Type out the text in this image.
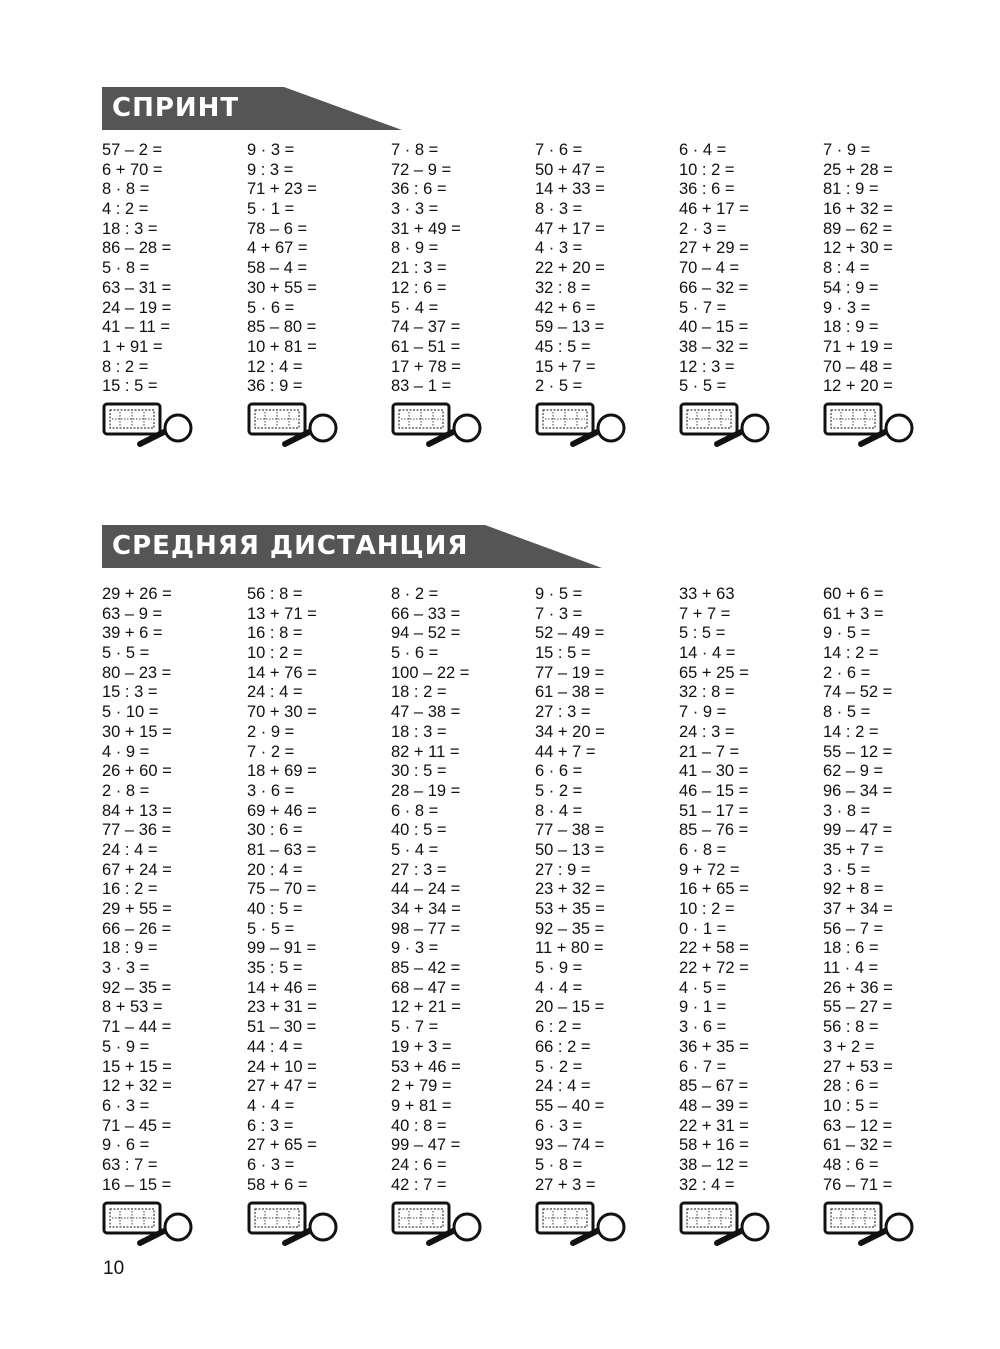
СПРИНТ
57 – 2 =
6 + 70 =
8 · 8 =
4 : 2 =
18 : 3 =
86 – 28 =
5 · 8 =
63 – 31 =
24 – 19 =
41 – 11 =
1 + 91 =
8 : 2 =
15 : 5 =
9 · 3 =
9 : 3 =
71 + 23 =
5 · 1 =
78 – 6 =
4 + 67 =
58 – 4 =
30 + 55 =
5 · 6 =
85 – 80 =
10 + 81 =
12 : 4 =
36 : 9 =
7 · 8 =
72 – 9 =
36 : 6 =
3 · 3 =
31 + 49 =
8 · 9 =
21 : 3 =
12 : 6 =
5 · 4 =
74 – 37 =
61 – 51 =
17 + 78 =
83 – 1 =
7 · 6 =
50 + 47 =
14 + 33 =
8 · 3 =
47 + 17 =
4 · 3 =
22 + 20 =
32 : 8 =
42 + 6 =
59 – 13 =
45 : 5 =
15 + 7 =
2 · 5 =
6 · 4 =
10 : 2 =
36 : 6 =
46 + 17 =
2 · 3 =
27 + 29 =
70 – 4 =
66 – 32 =
5 · 7 =
40 – 15 =
38 – 32 =
12 : 3 =
5 · 5 =
7 · 9 =
25 + 28 =
81 : 9 =
16 + 32 =
89 – 62 =
12 + 30 =
8 : 4 =
54 : 9 =
9 · 3 =
18 : 9 =
71 + 19 =
70 – 48 =
12 + 20 =
СРЕДНЯЯ ДИСТАНЦИЯ
29 + 26 =
63 – 9 =
39 + 6 =
5 · 5 =
80 – 23 =
15 : 3 =
5 · 10 =
30 + 15 =
4 · 9 =
26 + 60 =
2 · 8 =
84 + 13 =
77 – 36 =
24 : 4 =
67 + 24 =
16 : 2 =
29 + 55 =
66 – 26 =
18 : 9 =
3 · 3 =
92 – 35 =
8 + 53 =
71 – 44 =
5 · 9 =
15 + 15 =
12 + 32 =
6 · 3 =
71 – 45 =
9 · 6 =
63 : 7 =
16 – 15 =
56 : 8 =
13 + 71 =
16 : 8 =
10 : 2 =
14 + 76 =
24 : 4 =
70 + 30 =
2 · 9 =
7 · 2 =
18 + 69 =
3 · 6 =
69 + 46 =
30 : 6 =
81 – 63 =
20 : 4 =
75 – 70 =
40 : 5 =
5 · 5 =
99 – 91 =
35 : 5 =
14 + 46 =
23 + 31 =
51 – 30 =
44 : 4 =
24 + 10 =
27 + 47 =
4 · 4 =
6 : 3 =
27 + 65 =
6 · 3 =
58 + 6 =
8 · 2 =
66 – 33 =
94 – 52 =
5 · 6 =
100 – 22 =
18 : 2 =
47 – 38 =
18 : 3 =
82 + 11 =
30 : 5 =
28 – 19 =
6 · 8 =
40 : 5 =
5 · 4 =
27 : 3 =
44 – 24 =
34 + 34 =
98 – 77 =
9 · 3 =
85 – 42 =
68 – 47 =
12 + 21 =
5 · 7 =
19 + 3 =
53 + 46 =
2 + 79 =
9 + 81 =
40 : 8 =
99 – 47 =
24 : 6 =
42 : 7 =
9 · 5 =
7 · 3 =
52 – 49 =
15 : 5 =
77 – 19 =
61 – 38 =
27 : 3 =
34 + 20 =
44 + 7 =
6 · 6 =
5 · 2 =
8 · 4 =
77 – 38 =
50 – 13 =
27 : 9 =
23 + 32 =
53 + 35 =
92 – 35 =
11 + 80 =
5 · 9 =
4 · 4 =
20 – 15 =
6 : 2 =
66 : 2 =
5 · 2 =
24 : 4 =
55 – 40 =
6 · 3 =
93 – 74 =
5 · 8 =
27 + 3 =
33 + 63
7 + 7 =
5 : 5 =
14 · 4 =
65 + 25 =
32 : 8 =
7 · 9 =
24 : 3 =
21 – 7 =
41 – 30 =
46 – 15 =
51 – 17 =
85 – 76 =
6 · 8 =
9 + 72 =
16 + 65 =
10 : 2 =
0 · 1 =
22 + 58 =
22 + 72 =
4 · 5 =
9 · 1 =
3 · 6 =
36 + 35 =
6 · 7 =
85 – 67 =
48 – 39 =
22 + 31 =
58 + 16 =
38 – 12 =
32 : 4 =
60 + 6 =
61 + 3 =
9 · 5 =
14 : 2 =
2 · 6 =
74 – 52 =
8 · 5 =
14 : 2 =
55 – 12 =
62 – 9 =
96 – 34 =
3 · 8 =
99 – 47 =
35 + 7 =
3 · 5 =
92 + 8 =
37 + 34 =
56 – 7 =
18 : 6 =
11 · 4 =
26 + 36 =
55 – 27 =
56 : 8 =
3 + 2 =
27 + 53 =
28 : 6 =
10 : 5 =
63 – 12 =
61 – 32 =
48 : 6 =
76 – 71 =
10
